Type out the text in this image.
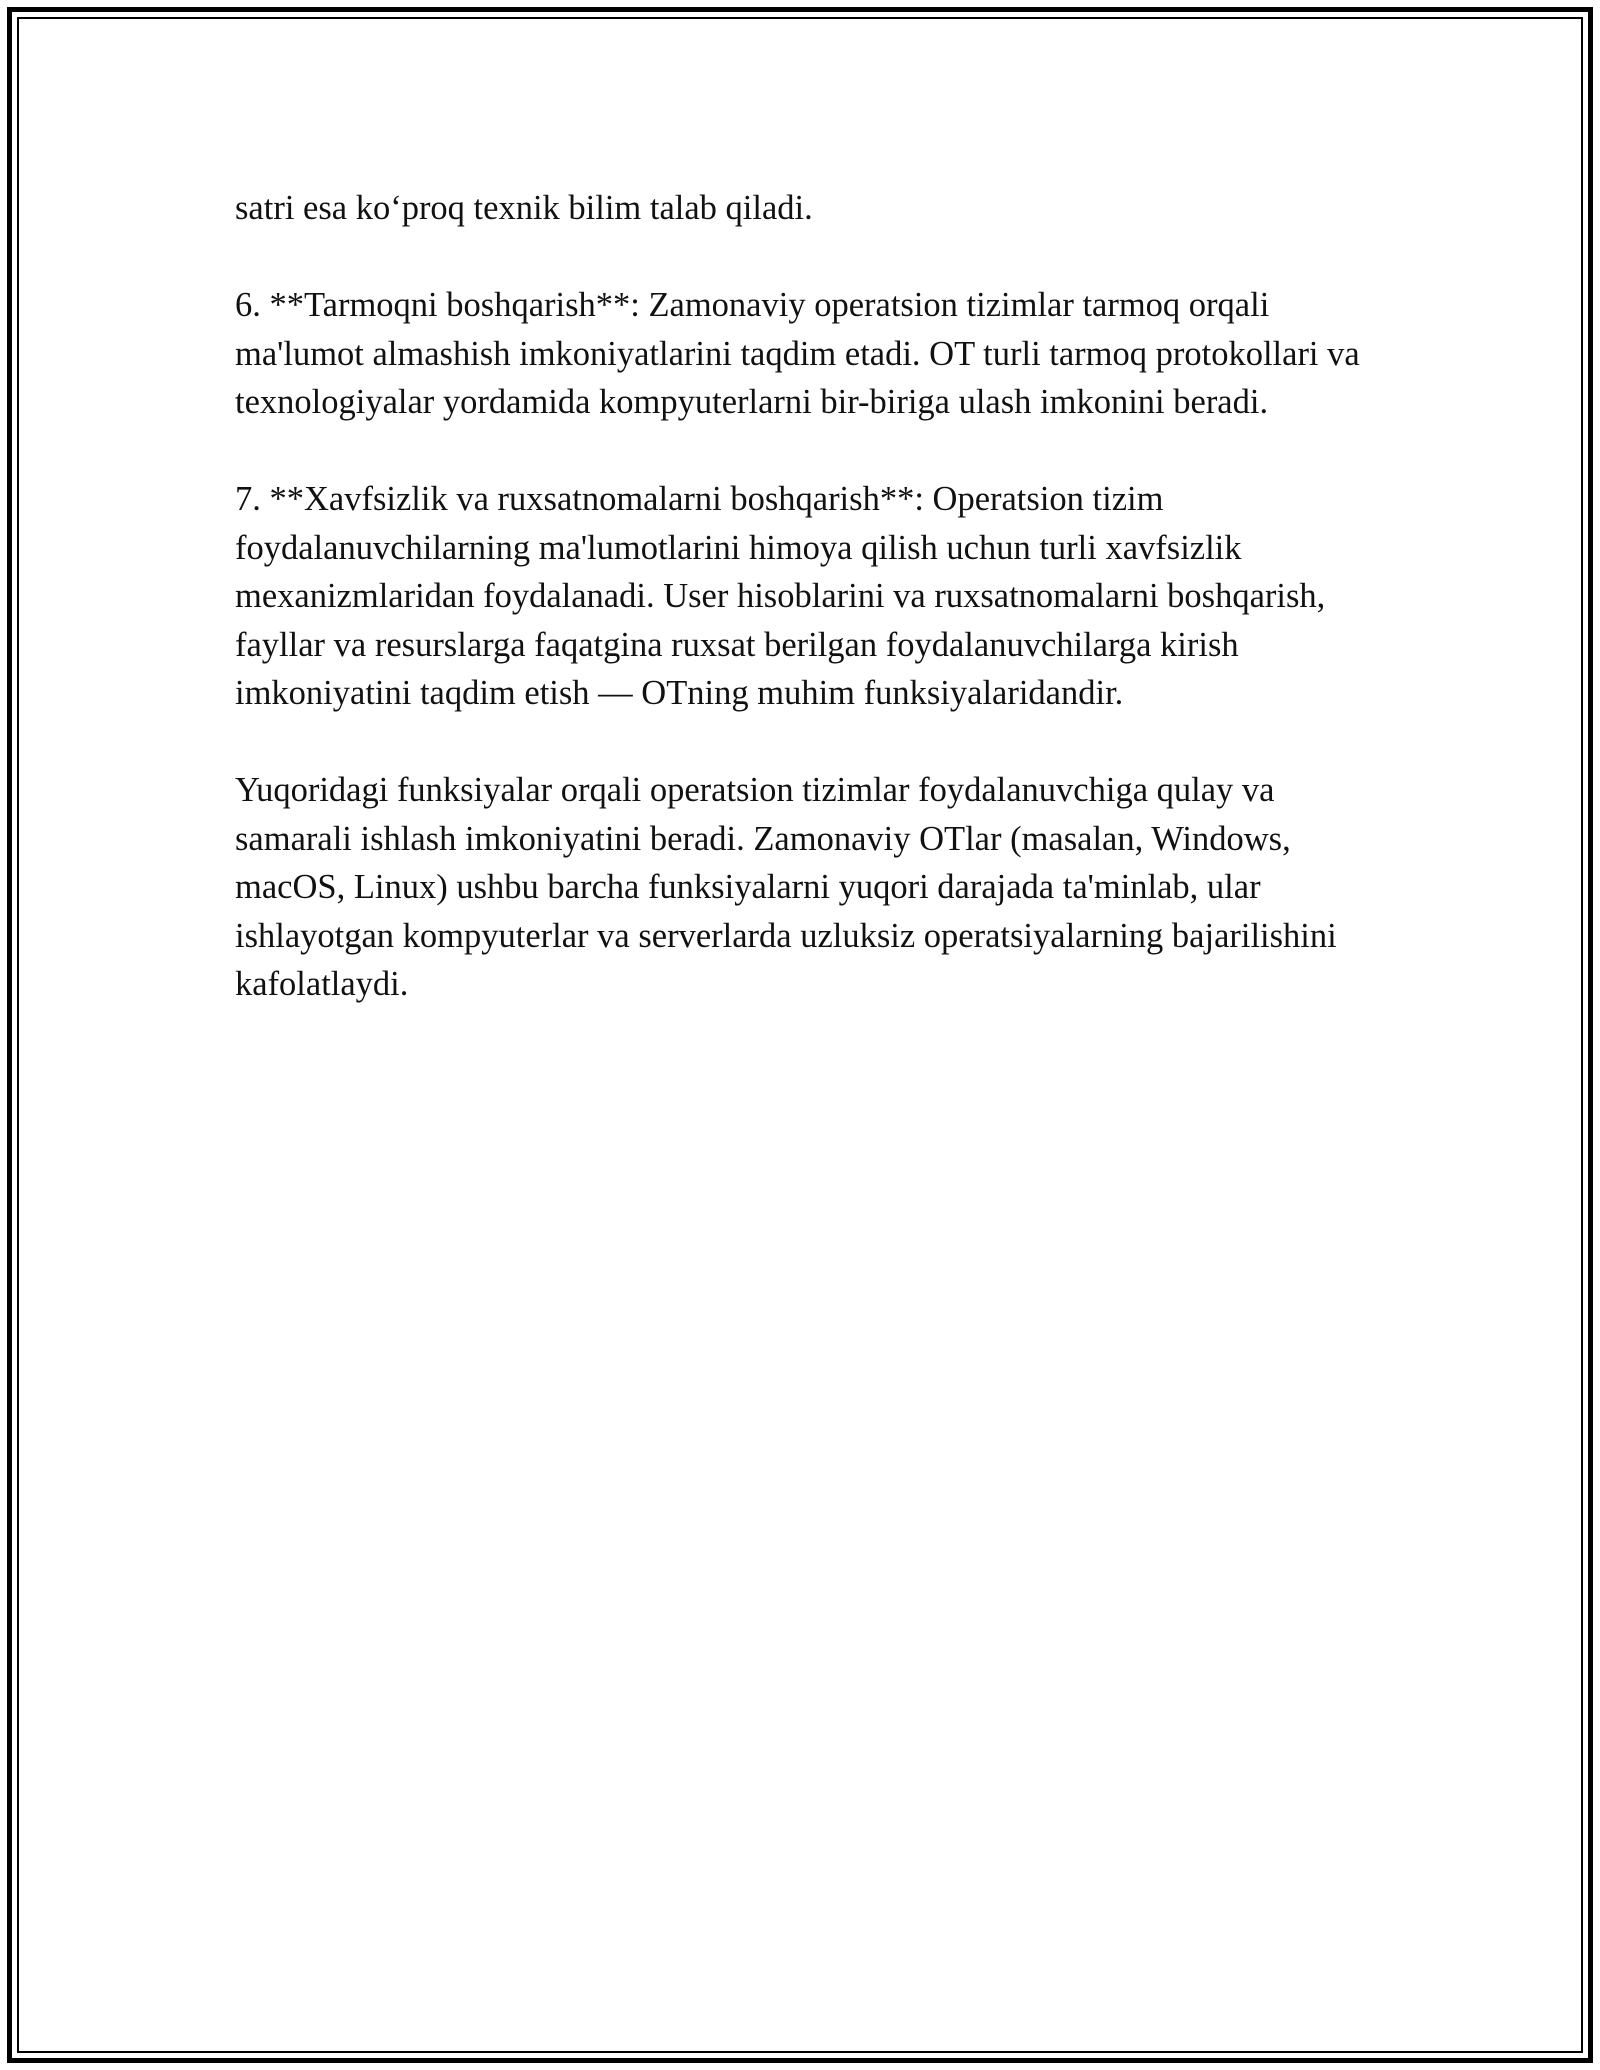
satri esa ko‘proq texnik bilim talab qiladi.

6. **Tarmoqni boshqarish**: Zamonaviy operatsion tizimlar tarmoq orqali ma'lumot almashish imkoniyatlarini taqdim etadi. OT turli tarmoq protokollari va texnologiyalar yordamida kompyuterlarni bir-biriga ulash imkonini beradi.

7. **Xavfsizlik va ruxsatnomalarni boshqarish**: Operatsion tizim foydalanuvchilarning ma'lumotlarini himoya qilish uchun turli xavfsizlik mexanizmlaridan foydalanadi. User hisoblarini va ruxsatnomalarni boshqarish, fayllar va resurslarga faqatgina ruxsat berilgan foydalanuvchilarga kirish imkoniyatini taqdim etish — OTning muhim funksiyalaridandir.

Yuqoridagi funksiyalar orqali operatsion tizimlar foydalanuvchiga qulay va samarali ishlash imkoniyatini beradi. Zamonaviy OTlar (masalan, Windows, macOS, Linux) ushbu barcha funksiyalarni yuqori darajada ta'minlab, ular ishlayotgan kompyuterlar va serverlarda uzluksiz operatsiyalarning bajarilishini kafolatlaydi.
